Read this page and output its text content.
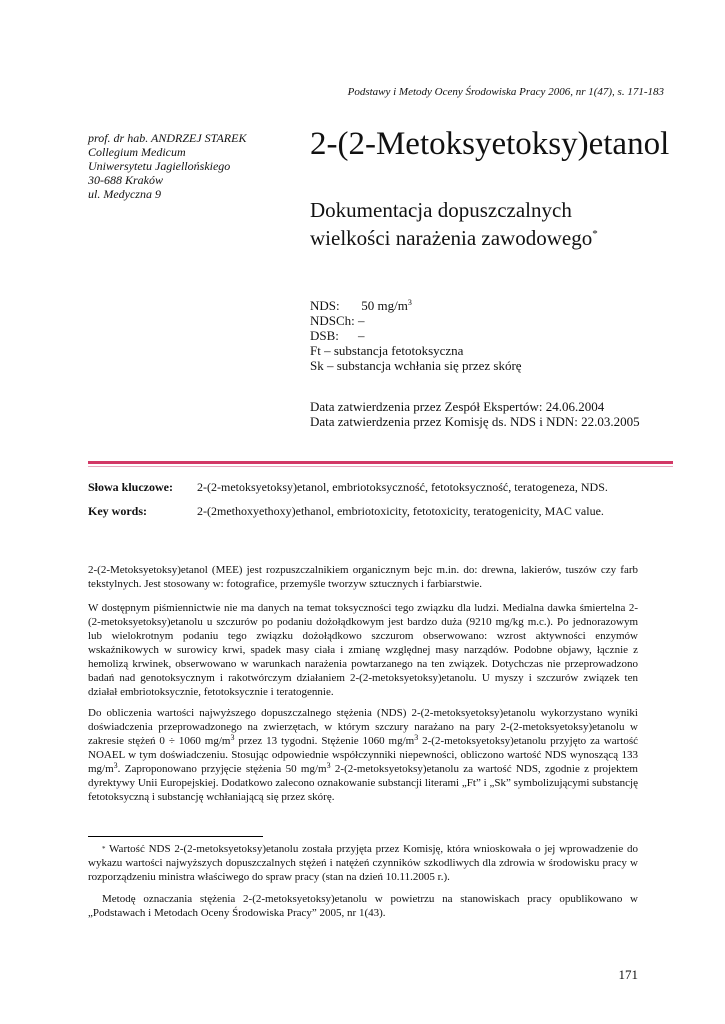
Podstawy i Metody Oceny Środowiska Pracy 2006, nr 1(47), s. 171-183
prof. dr hab. ANDRZEJ STAREK
Collegium Medicum
Uniwersytetu Jagiellońskiego
30-688 Kraków
ul. Medyczna 9
2-(2-Metoksyetoksy)etanol
Dokumentacja dopuszczalnych
wielkości narażenia zawodowego*
NDS: 50 $mg/m^3$
NDSCh: –
DSB: –
Ft – substancja fetotoksyczna
Sk – substancja wchłania się przez skórę
Data zatwierdzenia przez Zespół Ekspertów: 24.06.2004
Data zatwierdzenia przez Komisję ds. NDS i NDN: 22.03.2005
Słowa kluczowe:	2-(2-metoksyetoksy)etanol, embriotoksyczność, fetotoksyczność, teratogeneza, NDS.
Key words:	2-(2methoxyethoxy)ethanol, embriotoxicity, fetotoxicity, teratogenicity, MAC value.
2-(2-Metoksyetoksy)etanol (MEE) jest rozpuszczalnikiem organicznym bejc m.in. do: drewna, lakierów, tuszów czy farb tekstylnych. Jest stosowany w: fotografice, przemyśle tworzyw sztucznych i farbiarstwie.
W dostępnym piśmiennictwie nie ma danych na temat toksyczności tego związku dla ludzi. Medialna dawka śmiertelna 2-(2-metoksyetoksy)etanolu u szczurów po podaniu dożołądkowym jest bardzo duża (9210 mg/kg m.c.). Po jednorazowym lub wielokrotnym podaniu tego związku dożołądkowo szczurom obserwowano: wzrost aktywności enzymów wskaźnikowych w surowicy krwi, spadek masy ciała i zmianę względnej masy narządów. Podobne objawy, łącznie z hemolizą krwinek, obserwowano w warunkach narażenia powtarzanego na ten związek. Dotychczas nie przeprowadzono badań nad genotoksycznym i rakotwórczym działaniem 2-(2-metoksyetoksy)etanolu. U myszy i szczurów związek ten działał embriotoksycznie, fetotoksycznie i teratogennie.
Do obliczenia wartości najwyższego dopuszczalnego stężenia (NDS) 2-(2-metoksyetoksy)etanolu wykorzystano wyniki doświadczenia przeprowadzonego na zwierzętach, w którym szczury narażano na pary 2-(2-metoksyetoksy)etanolu w zakresie stężeń 0 ÷ 1060 $mg/m^3$ przez 13 tygodni. Stężenie 1060 $mg/m^3$ 2-(2-metoksyetoksy)etanolu przyjęto za wartość NOAEL w tym doświadczeniu. Stosując odpowiednie współczynniki niepewności, obliczono wartość NDS wynoszącą 133 $mg/m^3$. Zaproponowano przyjęcie stężenia 50 $mg/m^3$ 2-(2-metoksyetoksy)etanolu za wartość NDS, zgodnie z projektem dyrektywy Unii Europejskiej. Dodatkowo zalecono oznakowanie substancji literami „Ft” i „Sk” symbolizującymi substancję fetotoksyczną i substancję wchłaniającą się przez skórę.
* Wartość NDS 2-(2-metoksyetoksy)etanolu została przyjęta przez Komisję, która wnioskowała o jej wprowadzenie do wykazu wartości najwyższych dopuszczalnych stężeń i natężeń czynników szkodliwych dla zdrowia w środowisku pracy w rozporządzeniu ministra właściwego do spraw pracy (stan na dzień 10.11.2005 r.).
Metodę oznaczania stężenia 2-(2-metoksyetoksy)etanolu w powietrzu na stanowiskach pracy opublikowano w „Podstawach i Metodach Oceny Środowiska Pracy” 2005, nr 1(43).
171
